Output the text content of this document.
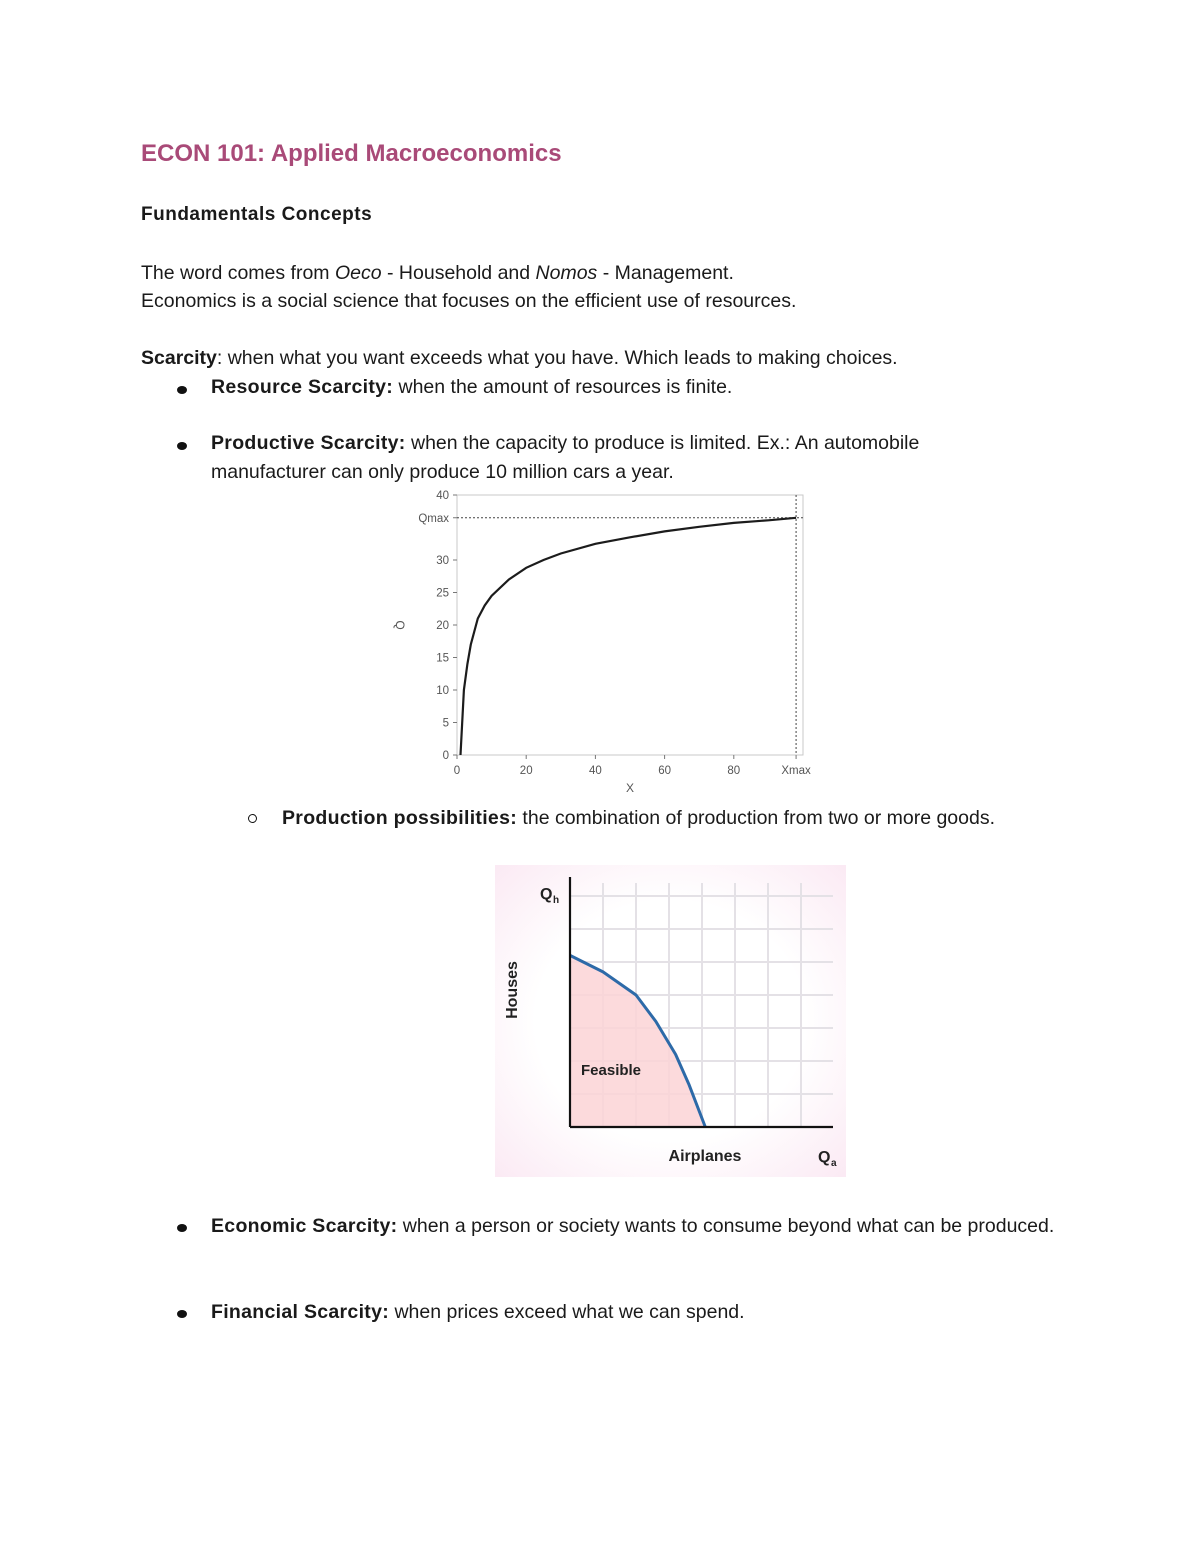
ECON 101: Applied Macroeconomics
Fundamentals Concepts
The word comes from Oeco - Household and Nomos - Management.
Economics is a social science that focuses on the efficient use of resources.
Scarcity: when what you want exceeds what you have. Which leads to making choices.
Resource Scarcity: when the amount of resources is finite.
Productive Scarcity: when the capacity to produce is limited. Ex.: An automobile manufacturer can only produce 10 million cars a year.
0
5
10
15
20
25
30
Qmax
40
0	20	40	60	80	Xmax
X
Q
Production possibilities: the combination of production from two or more goods.
Feasible
Airplanes
Houses
Q h
Q a
Economic Scarcity: when a person or society wants to consume beyond what can be produced.
Financial Scarcity: when prices exceed what we can spend.
